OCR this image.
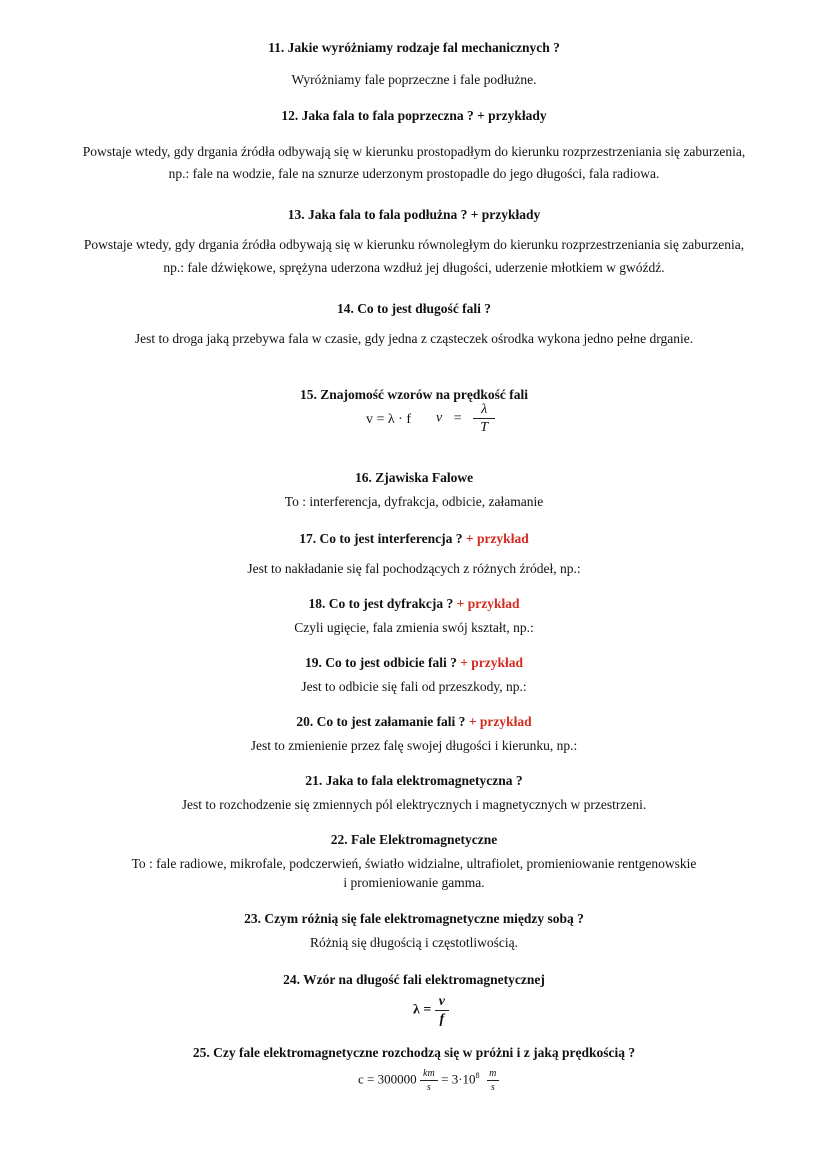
11. Jakie wyróżniamy rodzaje fal mechanicznych ?
Wyróżniamy fale poprzeczne i fale podłużne.
12. Jaka fala to fala poprzeczna ? + przykłady
Powstaje wtedy, gdy drgania źródła odbywają się w kierunku prostopadłym do kierunku rozprzestrzeniania się zaburzenia,
np.: fale na wodzie, fale na sznurze uderzonym prostopadle do jego długości, fala radiowa.
13. Jaka fala to fala podłużna ? + przykłady
Powstaje wtedy, gdy drgania źródła odbywają się w kierunku równoległym do kierunku rozprzestrzeniania się zaburzenia,
np.: fale dźwiękowe, sprężyna uderzona wzdłuż jej długości, uderzenie młotkiem w gwóźdź.
14. Co to jest długość fali ?
Jest to droga jaką przebywa fala w czasie, gdy jedna z cząsteczek ośrodka wykona jedno pełne drganie.
15. Znajomość wzorów na prędkość fali
v = λ · f $v = \frac{\lambda}{T}$
16. Zjawiska Falowe
To : interferencja, dyfrakcja, odbicie, załamanie
17. Co to jest interferencja ? + przykład
Jest to nakładanie się fal pochodzących z różnych źródeł, np.:
18. Co to jest dyfrakcja ? + przykład
Czyli ugięcie, fala zmienia swój kształt, np.:
19. Co to jest odbicie fali ? + przykład
Jest to odbicie się fali od przeszkody, np.:
20. Co to jest załamanie fali ? + przykład
Jest to zmienienie przez falę swojej długości i kierunku, np.:
21. Jaka to fala elektromagnetyczna ?
Jest to rozchodzenie się zmiennych pól elektrycznych i magnetycznych w przestrzeni.
22. Fale Elektromagnetyczne
To : fale radiowe, mikrofale, podczerwień, światło widzialne, ultrafiolet, promieniowanie rentgenowskie
i promieniowanie gamma.
23. Czym różnią się fale elektromagnetyczne między sobą ?
Różnią się długością i częstotliwością.
24. Wzór na długość fali elektromagnetycznej
$\lambda = \frac{v}{f}$
25. Czy fale elektromagnetyczne rozchodzą się w próżni i z jaką prędkością ?
$c = 300000 \frac{km}{s} = 3\cdot 10^8 \frac{m}{s}$
